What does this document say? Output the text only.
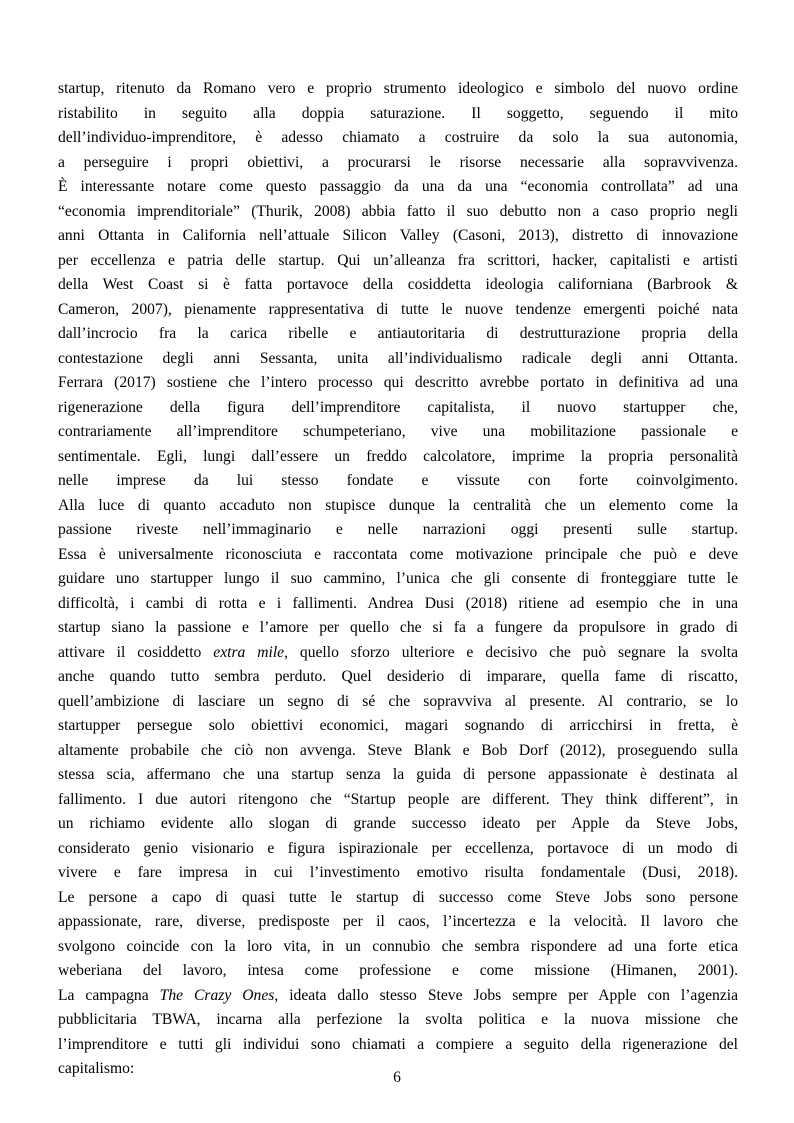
startup, ritenuto da Romano vero e proprio strumento ideologico e simbolo del nuovo ordine
ristabilito in seguito alla doppia saturazione. Il soggetto, seguendo il mito
dell’individuo-imprenditore, è adesso chiamato a costruire da solo la sua autonomia,
a perseguire i propri obiettivi, a procurarsi le risorse necessarie alla sopravvivenza.
È interessante notare come questo passaggio da una da una “economia controllata” ad una
“economia imprenditoriale” (Thurik, 2008) abbia fatto il suo debutto non a caso proprio negli
anni Ottanta in California nell’attuale Silicon Valley (Casoni, 2013), distretto di innovazione
per eccellenza e patria delle startup. Qui un’alleanza fra scrittori, hacker, capitalisti e artisti
della West Coast si è fatta portavoce della cosiddetta ideologia californiana (Barbrook &
Cameron, 2007), pienamente rappresentativa di tutte le nuove tendenze emergenti poiché nata
dall’incrocio fra la carica ribelle e antiautoritaria di destrutturazione propria della
contestazione degli anni Sessanta, unita all’individualismo radicale degli anni Ottanta.
Ferrara (2017) sostiene che l’intero processo qui descritto avrebbe portato in definitiva ad una
rigenerazione della figura dell’imprenditore capitalista, il nuovo startupper che,
contrariamente all’imprenditore schumpeteriano, vive una mobilitazione passionale e
sentimentale. Egli, lungi dall’essere un freddo calcolatore, imprime la propria personalità
nelle imprese da lui stesso fondate e vissute con forte coinvolgimento.
Alla luce di quanto accaduto non stupisce dunque la centralità che un elemento come la
passione riveste nell’immaginario e nelle narrazioni oggi presenti sulle startup.
Essa è universalmente riconosciuta e raccontata come motivazione principale che può e deve
guidare uno startupper lungo il suo cammino, l’unica che gli consente di fronteggiare tutte le
difficoltà, i cambi di rotta e i fallimenti. Andrea Dusi (2018) ritiene ad esempio che in una
startup siano la passione e l’amore per quello che si fa a fungere da propulsore in grado di
attivare il cosiddetto extra mile, quello sforzo ulteriore e decisivo che può segnare la svolta
anche quando tutto sembra perduto. Quel desiderio di imparare, quella fame di riscatto,
quell’ambizione di lasciare un segno di sé che sopravviva al presente. Al contrario, se lo
startupper persegue solo obiettivi economici, magari sognando di arricchirsi in fretta, è
altamente probabile che ciò non avvenga. Steve Blank e Bob Dorf (2012), proseguendo sulla
stessa scia, affermano che una startup senza la guida di persone appassionate è destinata al
fallimento. I due autori ritengono che “Startup people are different. They think different”, in
un richiamo evidente allo slogan di grande successo ideato per Apple da Steve Jobs,
considerato genio visionario e figura ispirazionale per eccellenza, portavoce di un modo di
vivere e fare impresa in cui l’investimento emotivo risulta fondamentale (Dusi, 2018).
Le persone a capo di quasi tutte le startup di successo come Steve Jobs sono persone
appassionate, rare, diverse, predisposte per il caos, l’incertezza e la velocità. Il lavoro che
svolgono coincide con la loro vita, in un connubio che sembra rispondere ad una forte etica
weberiana del lavoro, intesa come professione e come missione (Himanen, 2001).
La campagna The Crazy Ones, ideata dallo stesso Steve Jobs sempre per Apple con l’agenzia
pubblicitaria TBWA, incarna alla perfezione la svolta politica e la nuova missione che
l’imprenditore e tutti gli individui sono chiamati a compiere a seguito della rigenerazione del
capitalismo:
6
